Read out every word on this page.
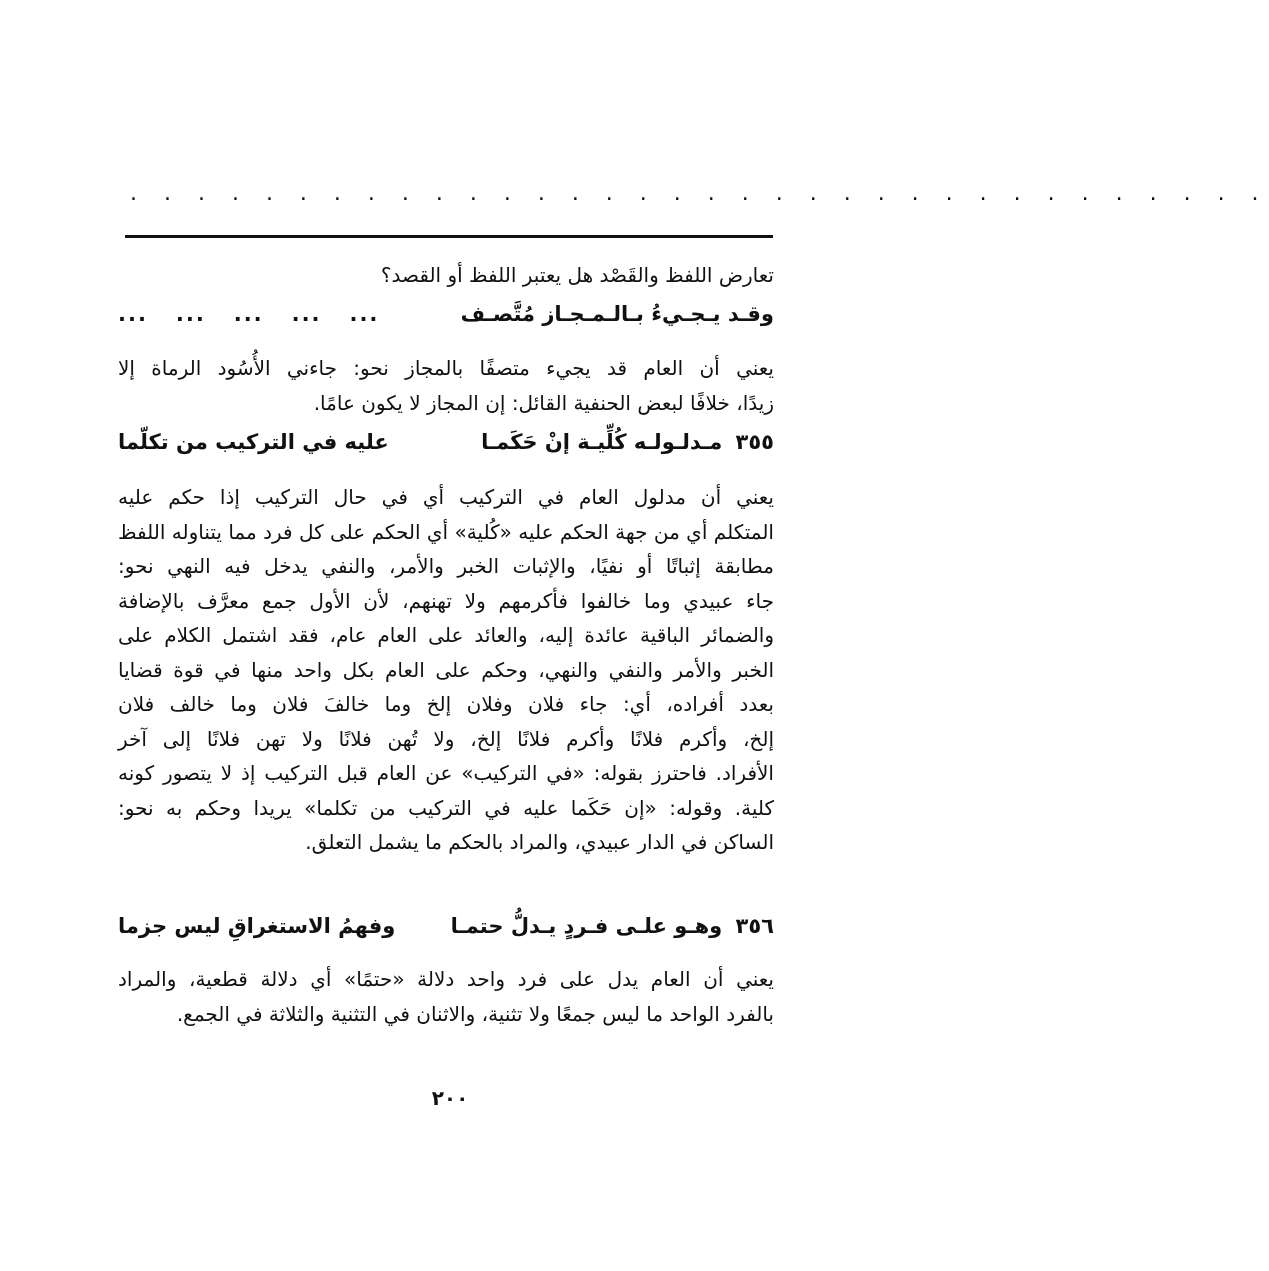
. . . . . . . . . . . . . . . . . . . . . . . . . . . . . . . . . .
تعارض اللفظ والقَصْد هل يعتبر اللفظ أو القصد؟
وقـد يـجـيءُ بـالـمـجـاز مُتَّصـف
...   ...   ...   ...   ...
يعني أن العام قد يجيء متصفًا بالمجاز نحو: جاءني الأُسُود الرماة إلا
زيدًا، خلافًا لبعض الحنفية القائل: إن المجاز لا يكون عامًا.
٣٥٥ مـدلـولـه كُلِّيـة إنْ حَكَمـا
عليه في التركيب من تكلّما
يعني أن مدلول العام في التركيب أي في حال التركيب إذا حكم عليه
المتكلم أي من جهة الحكم عليه «كُلية» أي الحكم على كل فرد مما يتناوله اللفظ
مطابقة إثباتًا أو نفيًا، والإثبات الخبر والأمر، والنفي يدخل فيه النهي نحو:
جاء عبيدي وما خالفوا فأكرمهم ولا تهنهم، لأن الأول جمع معرَّف بالإضافة
والضمائر الباقية عائدة إليه، والعائد على العام عام، فقد اشتمل الكلام على
الخبر والأمر والنفي والنهي، وحكم على العام بكل واحد منها في قوة قضايا
بعدد أفراده، أي: جاء فلان وفلان إلخ وما خالفَ فلان وما خالف فلان
إلخ، وأكرم فلانًا وأكرم فلانًا إلخ، ولا تُهن فلانًا ولا تهن فلانًا إلى آخر
الأفراد. فاحترز بقوله: «في التركيب» عن العام قبل التركيب إذ لا يتصور كونه
كلية. وقوله: «إن حَكَما عليه في التركيب من تكلما» يريدا وحكم به نحو:
الساكن في الدار عبيدي، والمراد بالحكم ما يشمل التعلق.
٣٥٦ وهـو علـى فـردٍ يـدلُّ حتمـا
وفهمُ الاستغراقِ ليس جزما
يعني أن العام يدل على فرد واحد دلالة «حتمًا» أي دلالة قطعية، والمراد
بالفرد الواحد ما ليس جمعًا ولا تثنية، والاثنان في التثنية والثلاثة في الجمع.
٢٠٠
